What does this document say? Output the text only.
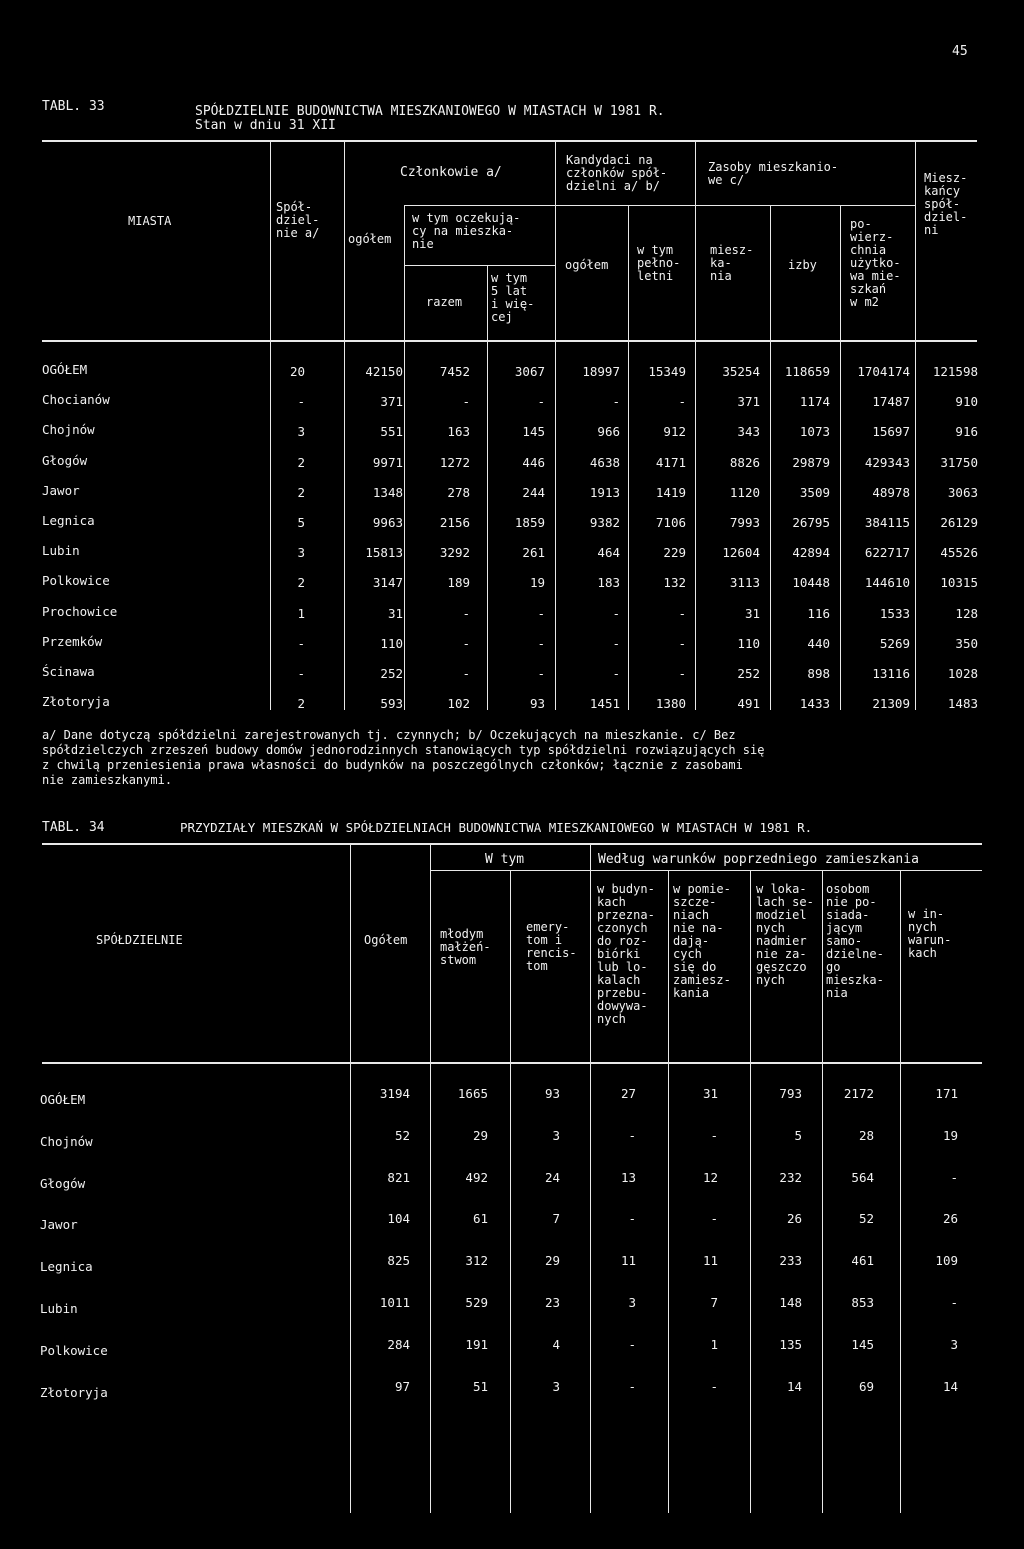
45
TABL. 33	SPÓŁDZIELNIE BUDOWNICTWA MIESZKANIOWEGO W MIASTACH W 1981 R.
Stan w dniu 31 XII
MIASTA
Spół-
dziel-
nie a/
Członkowie a/
ogółem
w tym oczekują-
cy na mieszka-
nie
razem
w tym
5 lat
i wię-
cej
Kandydaci na
członków spół-
dzielni a/ b/
ogółem
w tym
pełno-
letni
Zasoby mieszkanio-
we c/
miesz-
ka-
nia
izby
po-
wierz-
chnia
użytko-
wa mie-
szkań
w m2
Miesz-
kańcy
spół-
dziel-
ni
OGÓŁEM	20	42150	7452	3067	18997 15349	35254 118659 1704174 121598
Chocianów	-	371	-	-	-	-	371	1174	17487	910
Chojnów	3	551	163	145	966	912	343	1073	15697	916
Głogów	2	9971	1272	446	4638	4171	8826	29879	429343 31750
Jawor	2	1348	278	244	1913	1419	1120	3509	48978	3063
Legnica	5	9963	2156	1859	9382	7106	7993	26795	384115 26129
Lubin	3	15813	3292	261	464	229	12604	42894	622717 45526
Polkowice	2	3147	189	19	183	132	3113	10448	144610 10315
Prochowice	1	31	-	-	-	-	31	116	1533	128
Przemków	-	110	-	-	-	-	110	440	5269	350
Ścinawa	-	252	-	-	-	-	252	898	13116	1028
Złotoryja	2	593	102	93	1451	1380	491	1433	21309	1483
a/ Dane dotyczą spółdzielni zarejestrowanych tj. czynnych; b/ Oczekujących na mieszkanie. c/ Bez
spółdzielczych zrzeszeń budowy domów jednorodzinnych stanowiących typ spółdzielni rozwiązujących się
z chwilą przeniesienia prawa własności do budynków na poszczególnych członków; łącznie z zasobami
nie zamieszkanymi.
TABL. 34	PRZYDZIAŁY MIESZKAŃ W SPÓŁDZIELNIACH BUDOWNICTWA MIESZKANIOWEGO W MIASTACH W 1981 R.
SPÓŁDZIELNIE	Ogółem
W tym
młodym
małżeń-
stwom
emery-
tom i
rencis-
tom
Według warunków poprzedniego zamieszkania
w budyn-
kach
przezna-
czonych
do roz-
biórki
lub lo-
kalach
przebu-
dowywa-
nych
w pomie-
szcze-
niach
nie na-
dają-
cych
się do
zamiesz-
kania
w loka-
lach se-
modziel
nych
nadmier
nie za-
gęszczo
nych
osobom
nie po-
siada-
jącym
samo-
dzielne-
go
mieszka-
nia
w in-
nych
warun-
kach
OGÓŁEM	3194	1665	93	27	31	793	2172	171
Chojnów	52	29	3	-	-	5	28	19
Głogów	821	492	24	13	12	232	564	-
Jawor	104	61	7	-	-	26	52	26
Legnica	825	312	29	11	11	233	461	109
Lubin	1011	529	23	3	7	148	853	-
Polkowice	284	191	4	-	1	135	145	3
Złotoryja	97	51	3	-	-	14	69	14
